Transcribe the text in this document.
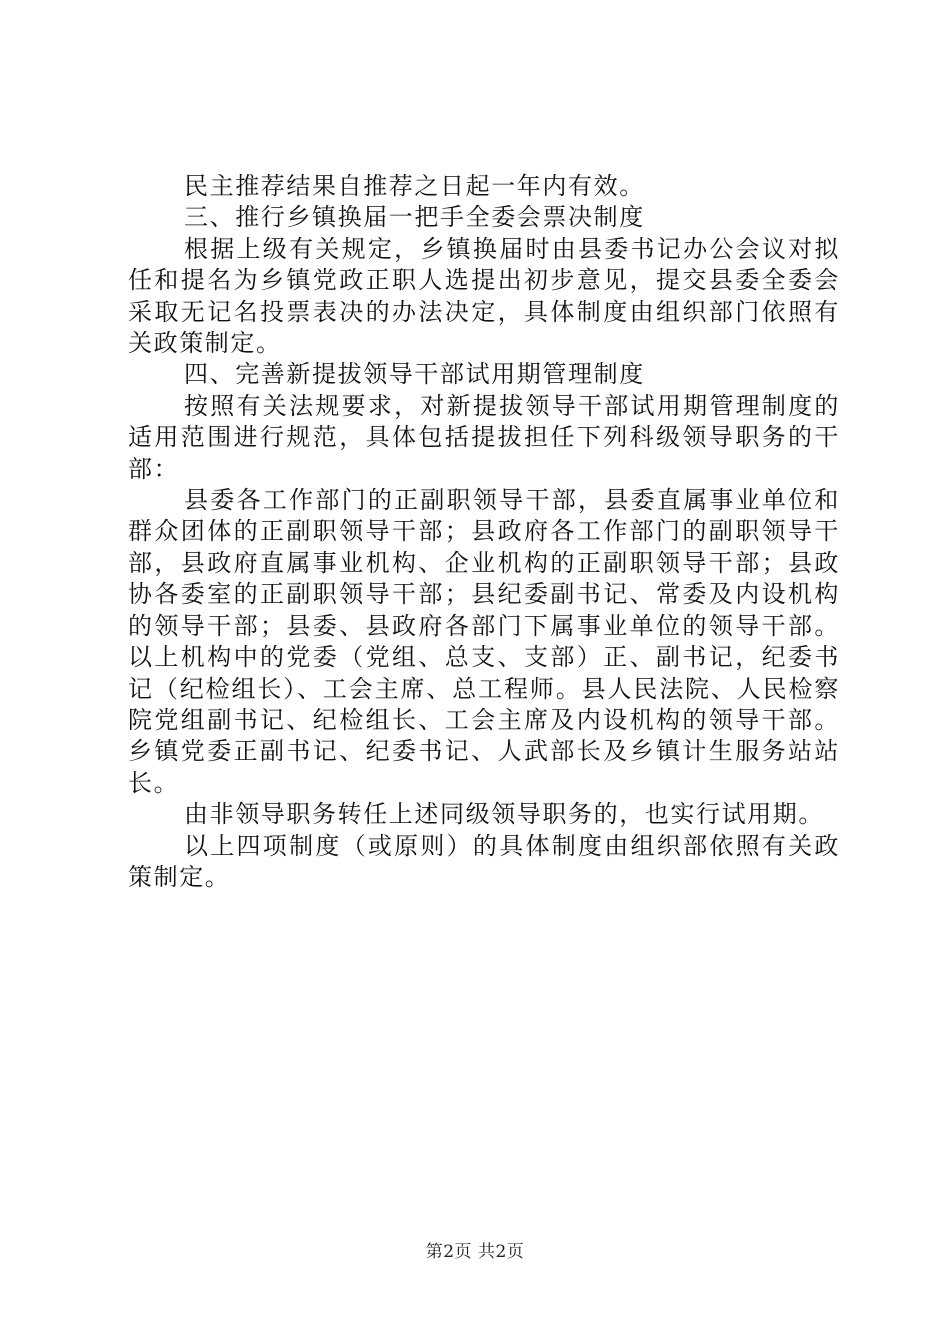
民主推荐结果自推荐之日起一年内有效。

三、推行乡镇换届一把手全委会票决制度

根据上级有关规定，乡镇换届时由县委书记办公会议对拟任和提名为乡镇党政正职人选提出初步意见，提交县委全委会采取无记名投票表决的办法决定，具体制度由组织部门依照有关政策制定。

四、完善新提拔领导干部试用期管理制度

按照有关法规要求，对新提拔领导干部试用期管理制度的适用范围进行规范，具体包括提拔担任下列科级领导职务的干部：

县委各工作部门的正副职领导干部，县委直属事业单位和群众团体的正副职领导干部；县政府各工作部门的副职领导干部，县政府直属事业机构、企业机构的正副职领导干部；县政协各委室的正副职领导干部；县纪委副书记、常委及内设机构的领导干部；县委、县政府各部门下属事业单位的领导干部。以上机构中的党委（党组、总支、支部）正、副书记，纪委书记（纪检组长）、工会主席、总工程师。县人民法院、人民检察院党组副书记、纪检组长、工会主席及内设机构的领导干部。乡镇党委正副书记、纪委书记、人武部长及乡镇计生服务站站长。

由非领导职务转任上述同级领导职务的，也实行试用期。

以上四项制度（或原则）的具体制度由组织部依照有关政策制定。

第2页 共2页
